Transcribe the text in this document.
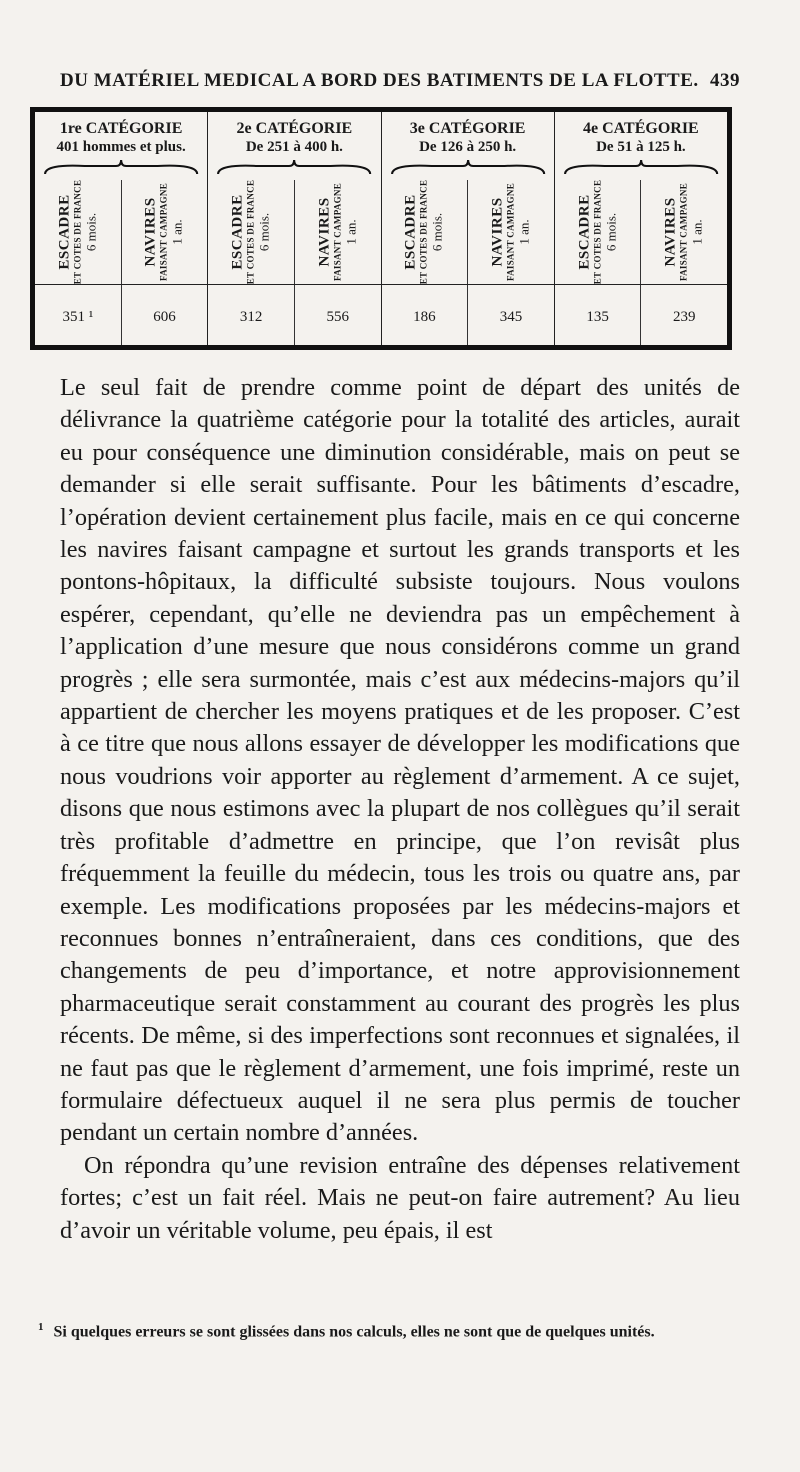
DU MATÉRIEL MEDICAL A BORD DES BATIMENTS DE LA FLOTTE. 439
1re CATÉGORIE
401 hommes et plus.
ESCADRE ET COTES DE FRANCE 6 mois.	NAVIRES FAISANT CAMPAGNE 1 an.
351 ¹	606
2e CATÉGORIE
De 251 à 400 h.
ESCADRE ET COTES DE FRANCE 6 mois.	NAVIRES FAISANT CAMPAGNE 1 an.
312	556
3e CATÉGORIE
De 126 à 250 h.
ESCADRE ET COTES DE FRANCE 6 mois.	NAVIRES FAISANT CAMPAGNE 1 an.
186	345
4e CATÉGORIE
De 51 à 125 h.
ESCADRE ET COTES DE FRANCE 6 mois.	NAVIRES FAISANT CAMPAGNE 1 an.
135	239

Le seul fait de prendre comme point de départ des unités de délivrance la quatrième catégorie pour la totalité des articles, aurait eu pour conséquence une diminution considérable, mais on peut se demander si elle serait suffisante. Pour les bâtiments d’escadre, l’opération devient certainement plus facile, mais en ce qui concerne les navires faisant campagne et surtout les grands transports et les pontons-hôpitaux, la difficulté subsiste toujours. Nous voulons espérer, cependant, qu’elle ne deviendra pas un empêchement à l’application d’une mesure que nous considérons comme un grand progrès ; elle sera surmontée, mais c’est aux médecins-majors qu’il appartient de chercher les moyens pratiques et de les proposer. C’est à ce titre que nous allons essayer de développer les modifications que nous voudrions voir apporter au règlement d’armement. A ce sujet, disons que nous estimons avec la plupart de nos collègues qu’il serait très profitable d’admettre en principe, que l’on revisât plus fréquemment la feuille du médecin, tous les trois ou quatre ans, par exemple. Les modifications proposées par les médecins-majors et reconnues bonnes n’entraîneraient, dans ces conditions, que des changements de peu d’importance, et notre approvisionnement pharmaceutique serait constamment au courant des progrès les plus récents. De même, si des imperfections sont reconnues et signalées, il ne faut pas que le règlement d’armement, une fois imprimé, reste un formulaire défectueux auquel il ne sera plus permis de toucher pendant un certain nombre d’années.

On répondra qu’une revision entraîne des dépenses relativement fortes; c’est un fait réel. Mais ne peut-on faire autrement? Au lieu d’avoir un véritable volume, peu épais, il est

$^1$ Si quelques erreurs se sont glissées dans nos calculs, elles ne sont que de quelques unités.
